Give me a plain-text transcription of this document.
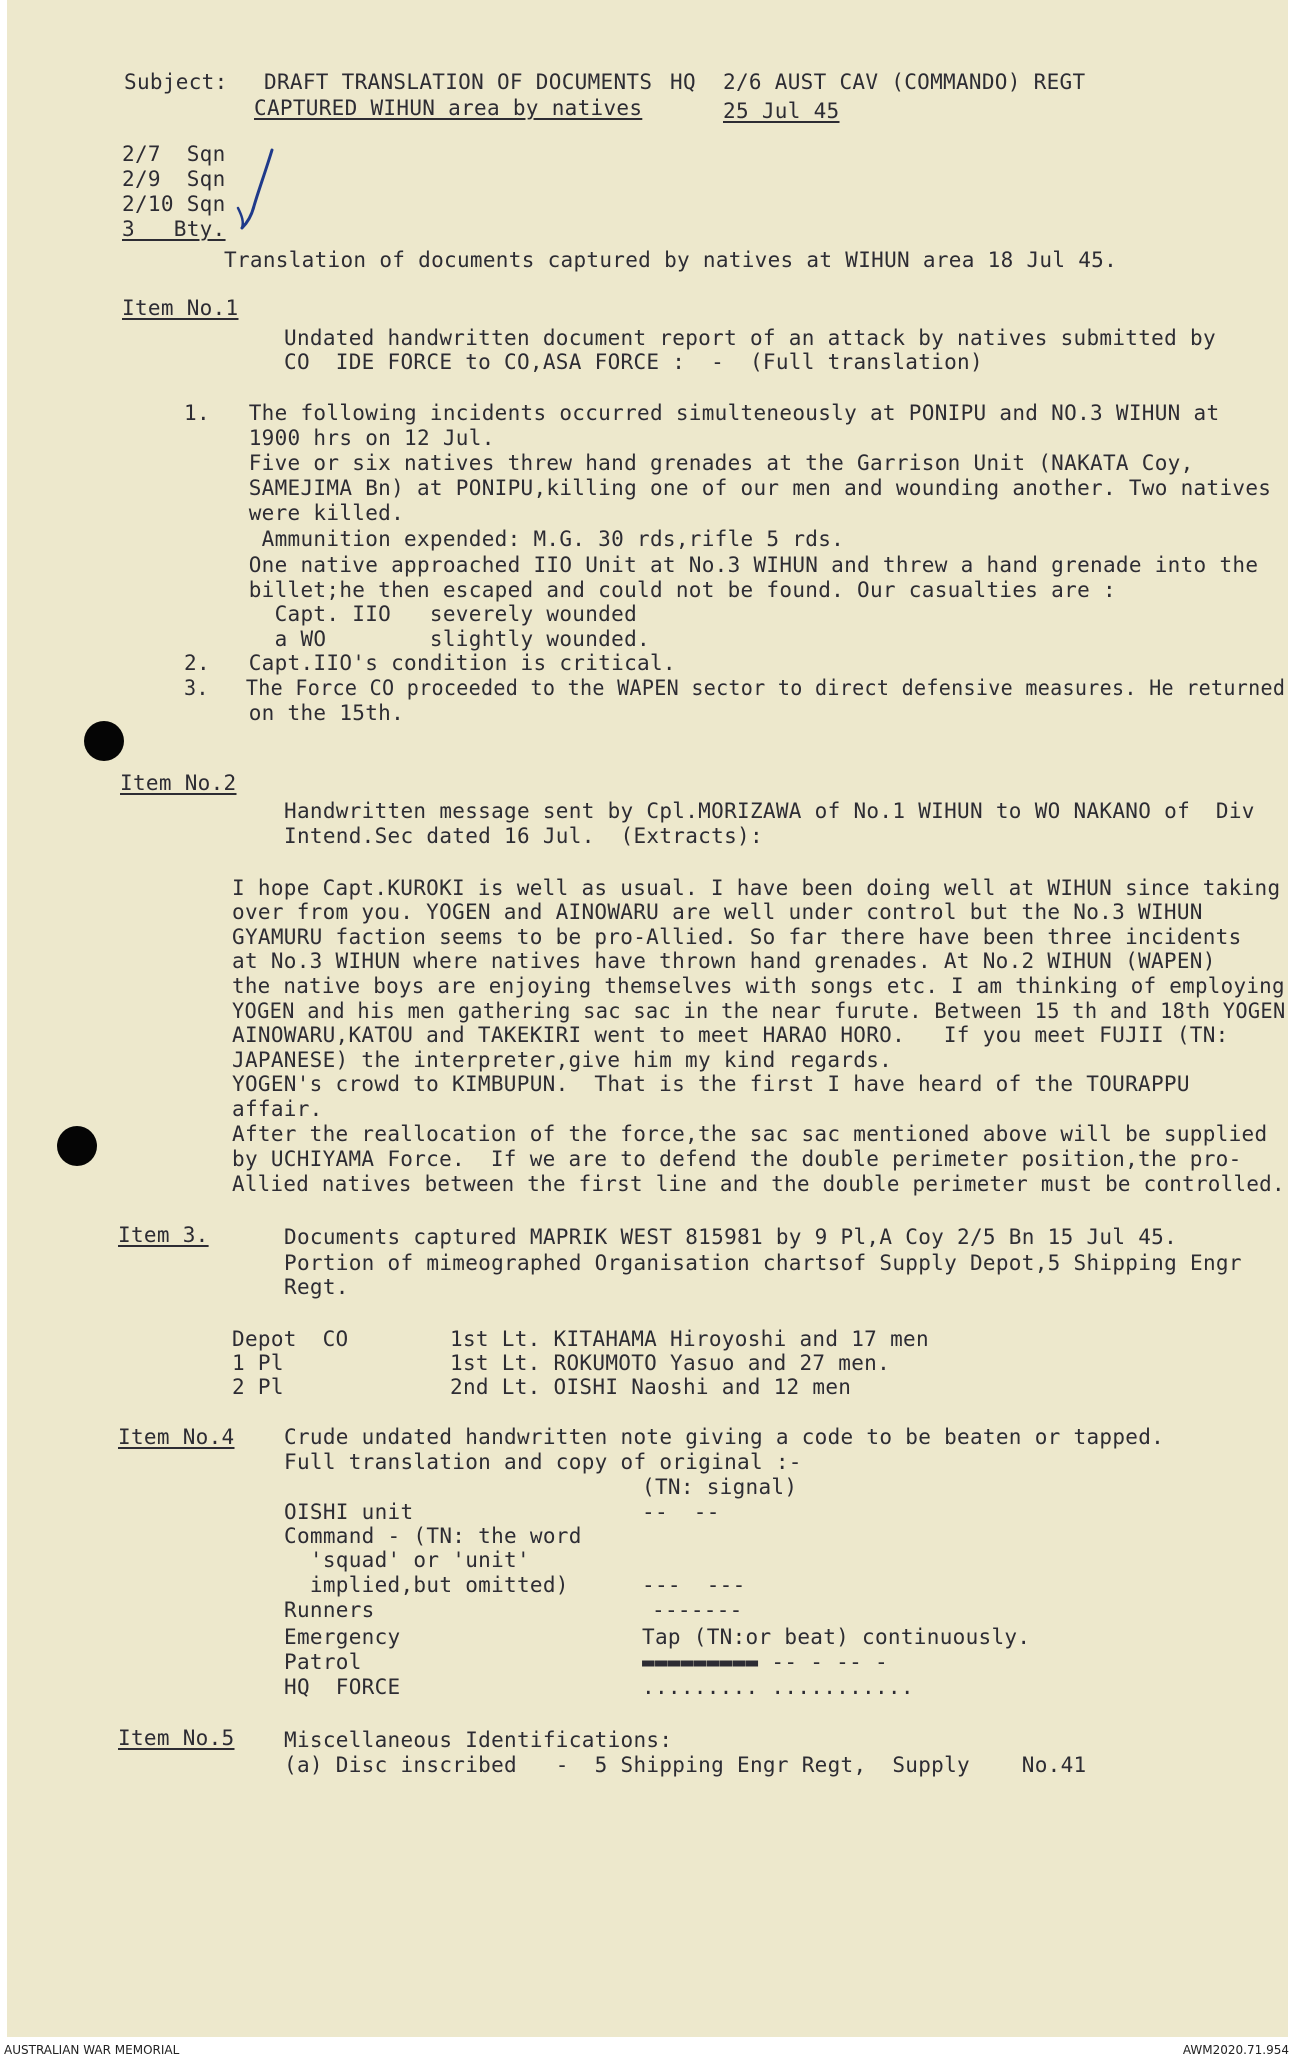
Subject: DRAFT TRANSLATION OF DOCUMENTS
CAPTURED WIHUN area by natives
HQ 2/6 AUST CAV (COMMANDO) REGT
25 Jul 45
2/7  Sqn
2/9  Sqn
2/10 Sqn
3   Bty.
Translation of documents captured by natives at WIHUN area 18 Jul 45.
Item No.1
Undated handwritten document report of an attack by natives submitted by
CO  IDE FORCE to CO,ASA FORCE :  -  (Full translation)
1.   The following incidents occurred simulteneously at PONIPU and NO.3 WIHUN at
1900 hrs on 12 Jul.
Five or six natives threw hand grenades at the Garrison Unit (NAKATA Coy,
SAMEJIMA Bn) at PONIPU,killing one of our men and wounding another. Two natives
were killed.
Ammunition expended: M.G. 30 rds,rifle 5 rds.
One native approached IIO Unit at No.3 WIHUN and threw a hand grenade into the
billet;he then escaped and could not be found. Our casualties are :
Capt. IIO   severely wounded
a WO        slightly wounded.
2.   Capt.IIO's condition is critical.
3.   The Force CO proceeded to the WAPEN sector to direct defensive measures. He returned
on the 15th.
Item No.2
Handwritten message sent by Cpl.MORIZAWA of No.1 WIHUN to WO NAKANO of  Div
Intend.Sec dated 16 Jul.  (Extracts):
I hope Capt.KUROKI is well as usual. I have been doing well at WIHUN since taking
over from you. YOGEN and AINOWARU are well under control but the No.3 WIHUN
GYAMURU faction seems to be pro-Allied. So far there have been three incidents
at No.3 WIHUN where natives have thrown hand grenades. At No.2 WIHUN (WAPEN)
the native boys are enjoying themselves with songs etc. I am thinking of employing
YOGEN and his men gathering sac sac in the near furute. Between 15 th and 18th YOGEN
AINOWARU,KATOU and TAKEKIRI went to meet HARAO HORO.   If you meet FUJII (TN:
JAPANESE) the interpreter,give him my kind regards.
YOGEN's crowd to KIMBUPUN.  That is the first I have heard of the TOURAPPU
affair.
After the reallocation of the force,the sac sac mentioned above will be supplied
by UCHIYAMA Force.  If we are to defend the double perimeter position,the pro-
Allied natives between the first line and the double perimeter must be controlled.
Item 3.	Documents captured MAPRIK WEST 815981 by 9 Pl,A Coy 2/5 Bn 15 Jul 45.
Portion of mimeographed Organisation chartsof Supply Depot,5 Shipping Engr
Regt.
Depot  CO	1st Lt. KITAHAMA Hiroyoshi and 17 men
1 Pl	1st Lt. ROKUMOTO Yasuo and 27 men.
2 Pl	2nd Lt. OISHI Naoshi and 12 men
Item No.4 Crude undated handwritten note giving a code to be beaten or tapped.
Full translation and copy of original :-
(TN: signal)
OISHI unit	--  --
Command - (TN: the word
'squad' or 'unit'
implied,but omitted)	---  ---
Runners	-------
Emergency	Tap (TN:or beat) continuously.
Patrol	▬▬▬▬▬▬▬▬▬ -- - -- -
HQ  FORCE	......... ...........
Item No.5 Miscellaneous Identifications:
(a) Disc inscribed   -  5 Shipping Engr Regt,  Supply    No.41
AUSTRALIAN WAR MEMORIAL	AWM2020.71.954
